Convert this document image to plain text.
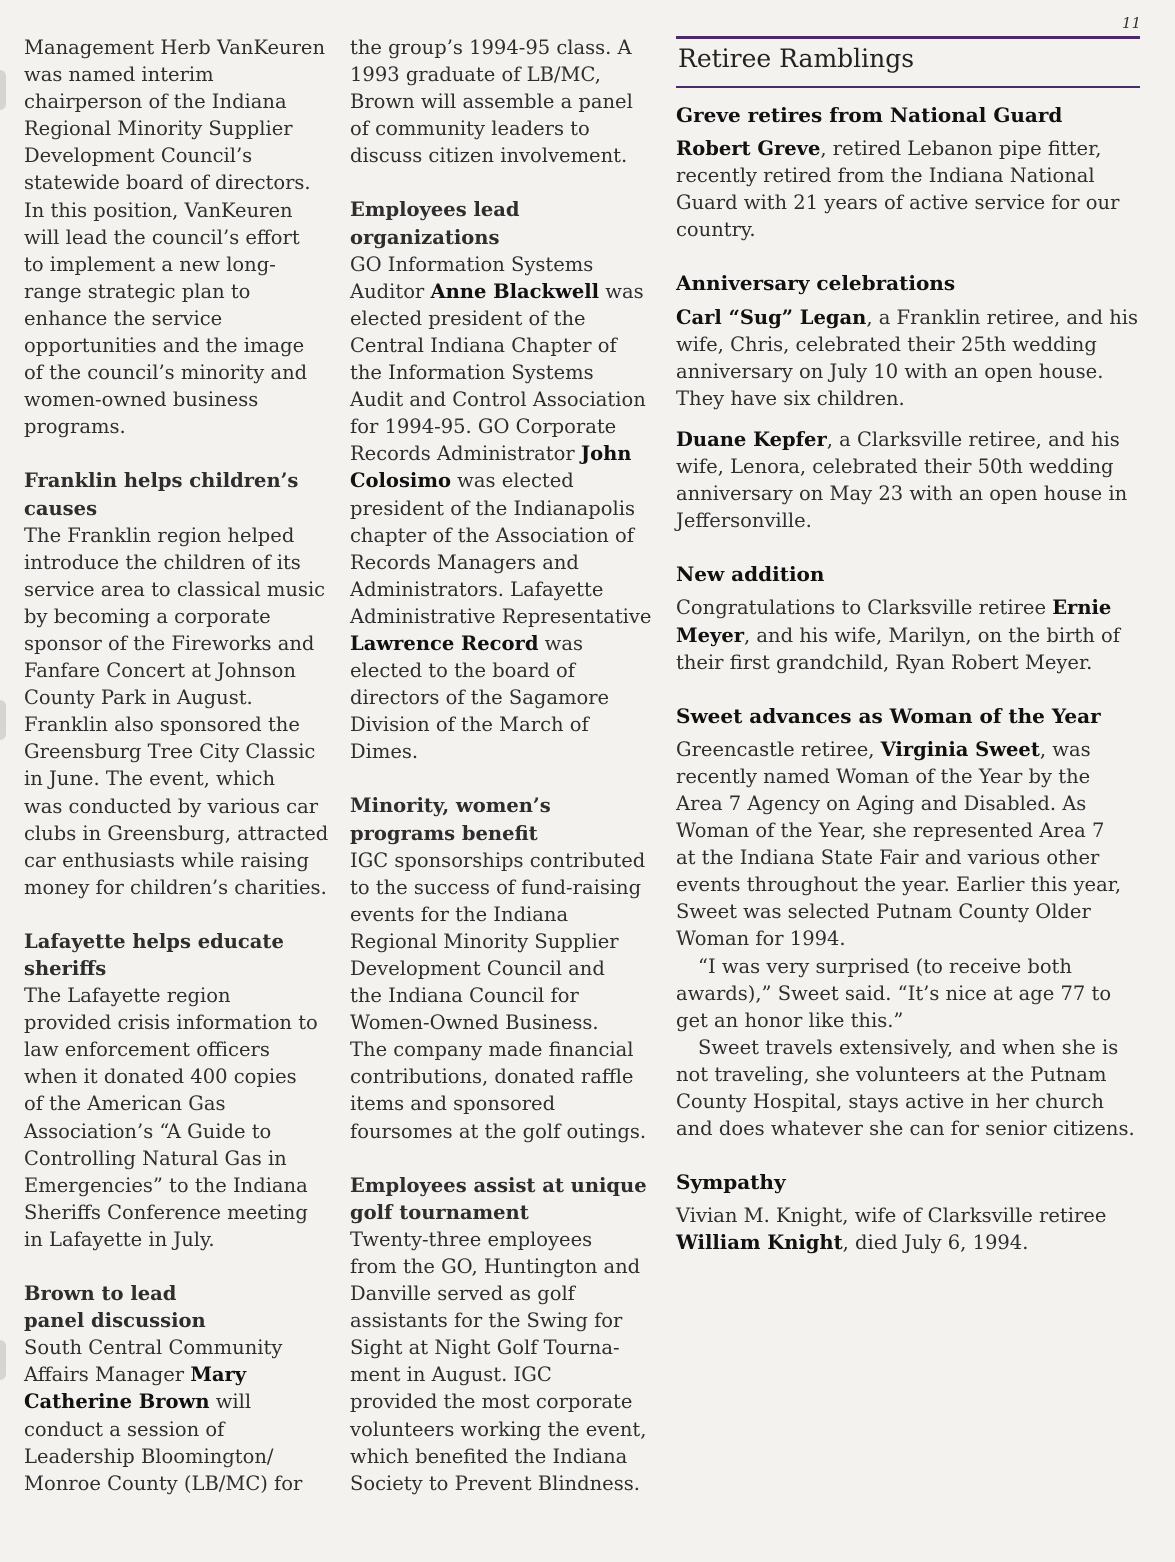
11

Management Herb VanKeuren

was named interim

chairperson of the Indiana

Regional Minority Supplier

Development Council’s

statewide board of directors.

In this position, VanKeuren

will lead the council’s effort

to implement a new long-

range strategic plan to

enhance the service

opportunities and the image

of the council’s minority and

women-owned business

programs.

Franklin helps children’s
causes

The Franklin region helped

introduce the children of its

service area to classical music

by becoming a corporate

sponsor of the Fireworks and

Fanfare Concert at Johnson

County Park in August.

Franklin also sponsored the

Greensburg Tree City Classic

in June. The event, which

was conducted by various car

clubs in Greensburg, attracted

car enthusiasts while raising

money for children’s charities.

Lafayette helps educate
sheriffs

The Lafayette region

provided crisis information to

law enforcement officers

when it donated 400 copies

of the American Gas

Association’s “A Guide to

Controlling Natural Gas in

Emergencies” to the Indiana

Sheriffs Conference meeting

in Lafayette in July.

Brown to lead
panel discussion

South Central Community

Affairs Manager Mary

Catherine Brown will

conduct a session of

Leadership Bloomington/

Monroe County (LB/MC) for

the group’s 1994-95 class. A

1993 graduate of LB/MC,

Brown will assemble a panel

of community leaders to

discuss citizen involvement.

Employees lead
organizations

GO Information Systems

Auditor Anne Blackwell was

elected president of the

Central Indiana Chapter of

the Information Systems

Audit and Control Association

for 1994-95. GO Corporate

Records Administrator John

Colosimo was elected

president of the Indianapolis

chapter of the Association of

Records Managers and

Administrators. Lafayette

Administrative Representative

Lawrence Record was

elected to the board of

directors of the Sagamore

Division of the March of

Dimes.

Minority, women’s
programs benefit

IGC sponsorships contributed

to the success of fund-raising

events for the Indiana

Regional Minority Supplier

Development Council and

the Indiana Council for

Women-Owned Business.

The company made financial

contributions, donated raffle

items and sponsored

foursomes at the golf outings.

Employees assist at unique
golf tournament

Twenty-three employees

from the GO, Huntington and

Danville served as golf

assistants for the Swing for

Sight at Night Golf Tourna-

ment in August. IGC

provided the most corporate

volunteers working the event,

which benefited the Indiana

Society to Prevent Blindness.

Retiree Ramblings
Greve retires from National Guard

Robert Greve, retired Lebanon pipe fitter,

recently retired from the Indiana National

Guard with 21 years of active service for our

country.

Anniversary celebrations

Carl “Sug” Legan, a Franklin retiree, and his

wife, Chris, celebrated their 25th wedding

anniversary on July 10 with an open house.

They have six children.

Duane Kepfer, a Clarksville retiree, and his

wife, Lenora, celebrated their 50th wedding

anniversary on May 23 with an open house in

Jeffersonville.

New addition

Congratulations to Clarksville retiree Ernie

Meyer, and his wife, Marilyn, on the birth of

their first grandchild, Ryan Robert Meyer.

Sweet advances as Woman of the Year

Greencastle retiree, Virginia Sweet, was

recently named Woman of the Year by the

Area 7 Agency on Aging and Disabled. As

Woman of the Year, she represented Area 7

at the Indiana State Fair and various other

events throughout the year. Earlier this year,

Sweet was selected Putnam County Older

Woman for 1994.

“I was very surprised (to receive both

awards),” Sweet said. “It’s nice at age 77 to

get an honor like this.”

Sweet travels extensively, and when she is

not traveling, she volunteers at the Putnam

County Hospital, stays active in her church

and does whatever she can for senior citizens.

Sympathy

Vivian M. Knight, wife of Clarksville retiree

William Knight, died July 6, 1994.
